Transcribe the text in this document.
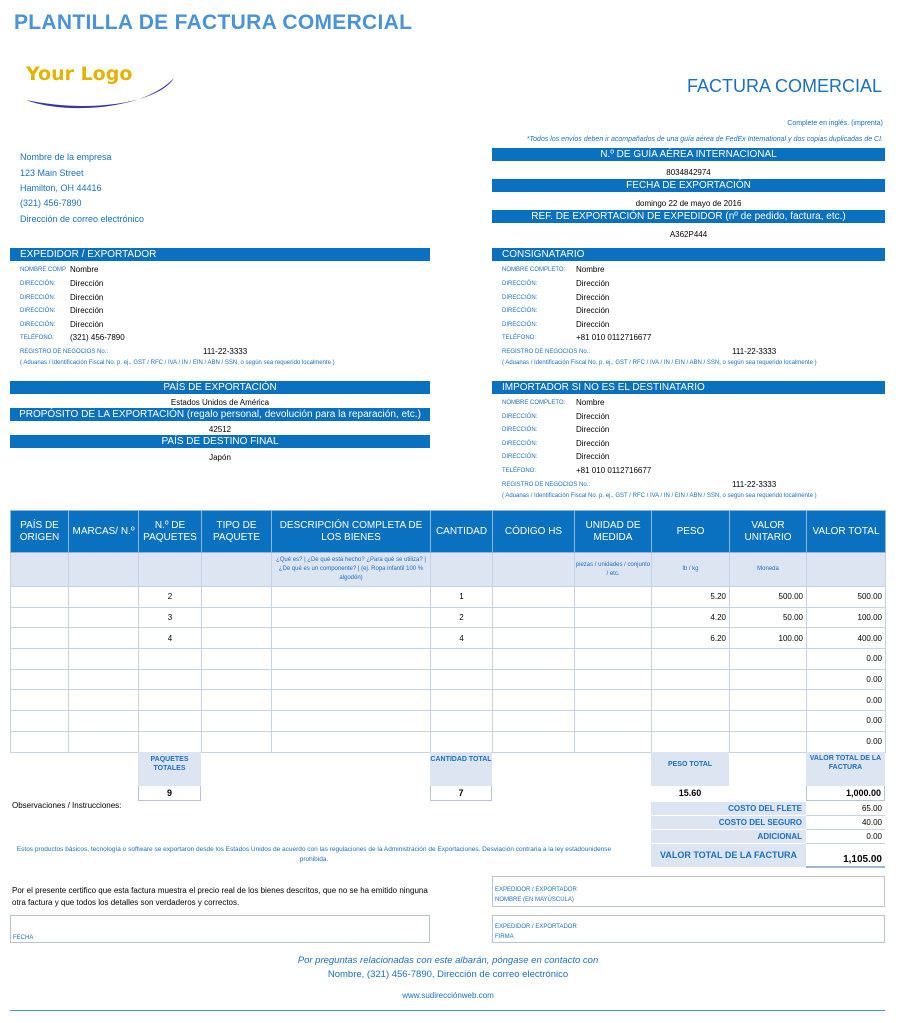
PLANTILLA DE FACTURA COMERCIAL
Your Logo
FACTURA COMERCIAL
Complete en inglés. (imprenta)
*Todos los envíos deben ir acompañados de una guía aérea de FedEx International y dos copias duplicadas de CI.
Nombre de la empresa
123 Main Street
Hamilton, OH 44416
(321) 456-7890
Dirección de correo electrónico
N.º DE GUÍA AÉREA INTERNACIONAL
8034842974
FECHA DE EXPORTACIÓN
domingo 22 de mayo de 2016
REF. DE EXPORTACIÓN DE EXPEDIDOR (nº de pedido, factura, etc.)
A362P444
EXPEDIDOR / EXPORTADOR
NOMBRE COMP Nombre
DIRECCIÓN: Dirección
DIRECCIÓN: Dirección
DIRECCIÓN: Dirección
DIRECCIÓN: Dirección
TELÉFONO: (321) 456-7890
REGISTRO DE NEGOCIOS No.:	111-22-3333
( Aduanas / Identificación Fiscal No. p. ej., GST / RFC / IVA / IN / EIN / ABN / SSN, o según sea requerido localmente )
CONSIGNATARIO
NOMBRE COMPLETO: Nombre
DIRECCIÓN:	Dirección
DIRECCIÓN:	Dirección
DIRECCIÓN:	Dirección
DIRECCIÓN:	Dirección
TELÉFONO:	+81 010 0112716677
REGISTRO DE NEGOCIOS No.:	111-22-3333
( Aduanas / Identificación Fiscal No. p. ej., GST / RFC / IVA / IN / EIN / ABN / SSN, o según sea requerido localmente )
PAÍS DE EXPORTACIÓN
Estados Unidos de América
PROPÓSITO DE LA EXPORTACIÓN (regalo personal, devolución para la reparación, etc.)
42512
PAÍS DE DESTINO FINAL
Japón
IMPORTADOR SI NO ES EL DESTINATARIO
NOMBRE COMPLETO: Nombre
DIRECCIÓN:	Dirección
DIRECCIÓN:	Dirección
DIRECCIÓN:	Dirección
DIRECCIÓN:	Dirección
TELÉFONO:	+81 010 0112716677
REGISTRO DE NEGOCIOS No.:	111-22-3333
( Aduanas / Identificación Fiscal No. p. ej., GST / RFC / IVA / IN / EIN / ABN / SSN, o según sea requerido localmente )
PAÍS DE ORIGEN	MARCAS/ N.º	N.º DE PAQUETES	TIPO DE PAQUETE	DESCRIPCIÓN COMPLETA DE LOS BIENES	CANTIDAD	CÓDIGO HS	UNIDAD DE MEDIDA	PESO	VALOR UNITARIO	VALOR TOTAL
				¿Qué es? | ¿De qué está hecho? ¿Para qué se utiliza? | ¿De qué es un componente? | (ej. Ropa infantil 100 % algodón)			piezas / unidades / conjunto / etc.	lb / kg	Moneda	
		2			1			5.20	500.00	500.00
		3			2			4.20	50.00	100.00
		4			4			6.20	100.00	400.00
										0.00
										0.00
										0.00
										0.00
										0.00
PAQUETES TOTALES
9
CANTIDAD TOTAL
7
PESO TOTAL
15.60
VALOR TOTAL DE LA FACTURA
1,000.00
Observaciones / Instrucciones:
Estos productos básicos, tecnología o software se exportaron desde los Estados Unidos de acuerdo con las regulaciones de la Administración de Exportaciones. Desviación contraria a la ley estadounidense prohibida.
COSTO DEL FLETE	65.00
COSTO DEL SEGURO	40.00
ADICIONAL	0.00
VALOR TOTAL DE LA FACTURA	1,105.00
Por el presente certifico que esta factura muestra el precio real de los bienes descritos, que no se ha emitido ninguna otra factura y que todos los detalles son verdaderos y correctos.
FECHA
EXPEDIDOR / EXPORTADOR
NOMBRE (EN MAYÚSCULA)
EXPEDIDOR / EXPORTADOR
FIRMA
Por preguntas relacionadas con este albarán, póngase en contacto con
Nombre, (321) 456-7890, Dirección de correo electrónico
www.sudirecciónweb.com
